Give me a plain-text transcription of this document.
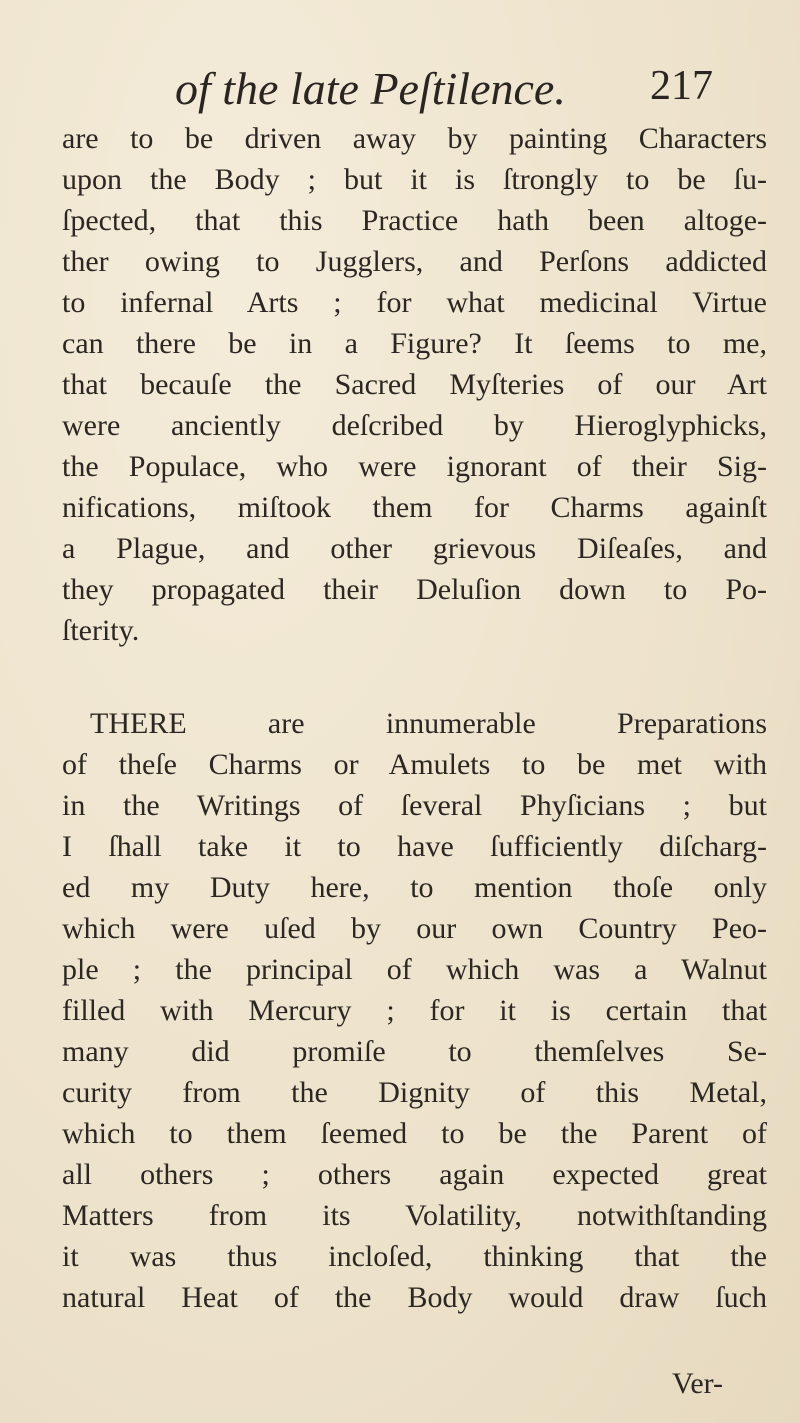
of the late Peſtilence. 217
are to be driven away by painting Characters
upon the Body ; but it is ſtrongly to be ſu-
ſpected, that this Practice hath been altoge-
ther owing to Jugglers, and Perſons addicted
to infernal Arts ; for what medicinal Virtue
can there be in a Figure? It ſeems to me,
that becauſe the Sacred Myſteries of our Art
were anciently deſcribed by Hieroglyphicks,
the Populace, who were ignorant of their Sig-
nifications, miſtook them for Charms againſt
a Plague, and other grievous Diſeaſes, and
they propagated their Deluſion down to Po-
ſterity.
THERE are innumerable Preparations
of theſe Charms or Amulets to be met with
in the Writings of ſeveral Phyſicians ; but
I ſhall take it to have ſufficiently diſcharg-
ed my Duty here, to mention thoſe only
which were uſed by our own Country Peo-
ple ; the principal of which was a Walnut
filled with Mercury ; for it is certain that
many did promiſe to themſelves Se-
curity from the Dignity of this Metal,
which to them ſeemed to be the Parent of
all others ; others again expected great
Matters from its Volatility, notwithſtanding
it was thus incloſed, thinking that the
natural Heat of the Body would draw ſuch
Ver-
